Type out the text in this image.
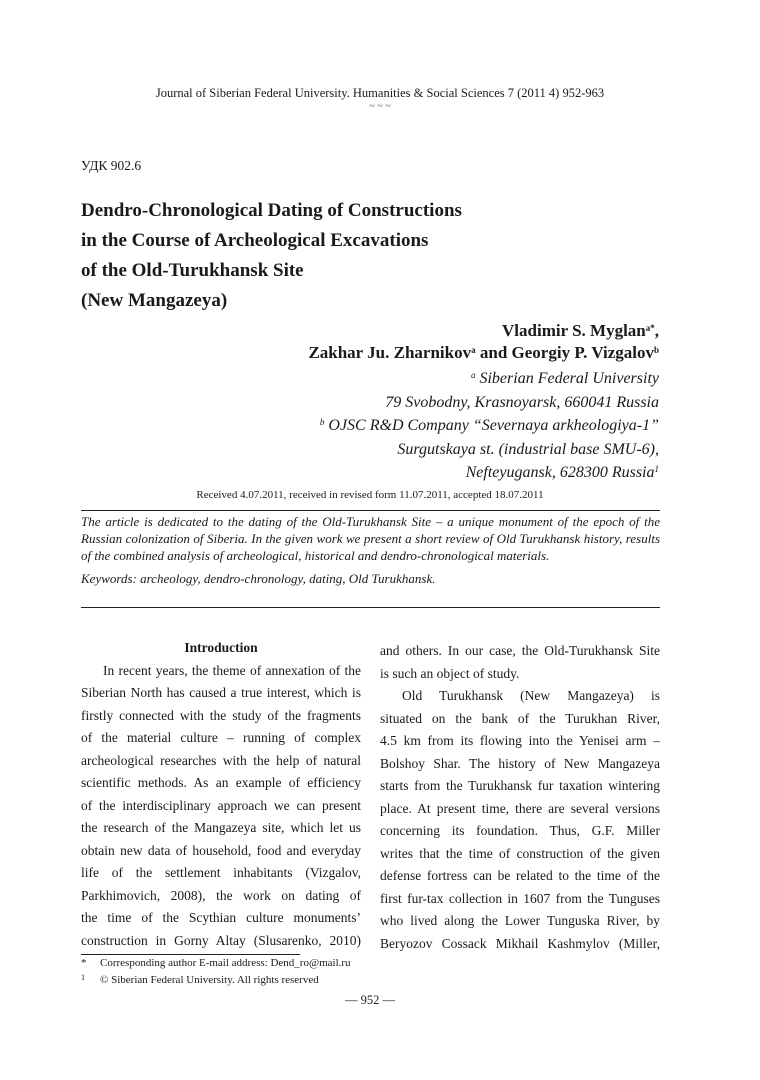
Journal of Siberian Federal University. Humanities & Social Sciences 7 (2011 4) 952-963
~ ~ ~
УДК 902.6
Dendro-Chronological Dating of Constructions
in the Course of Archeological Excavations
of the Old-Turukhansk Site
(New Mangazeya)
Vladimir S. Myglan$^{a*}$,
Zakhar Ju. Zharnikov$^a$ and Georgiy P. Vizgalov$^b$
$^a$ Siberian Federal University
79 Svobodny, Krasnoyarsk, 660041 Russia
$^b$ OJSC R&D Company “Severnaya arkheologiya-1”
Surgutskaya st. (industrial base SMU-6),
Nefteyugansk, 628300 Russia$^1$
Received 4.07.2011, received in revised form 11.07.2011, accepted 18.07.2011
The article is dedicated to the dating of the Old-Turukhansk Site – a unique monument of the epoch of the Russian colonization of Siberia. In the given work we present a short review of Old Turukhansk history, results of the combined analysis of archeological, historical and dendro-chronological materials.
Keywords: archeology, dendro-chronology, dating, Old Turukhansk.
Introduction
In recent years, the theme of annexation of the
Siberian North has caused a true interest, which is
firstly connected with the study of the fragments
of the material culture – running of complex
archeological researches with the help of natural
scientific methods. As an example of efficiency
of the interdisciplinary approach we can present
the research of the Mangazeya site, which let us
obtain new data of household, food and everyday
life of the settlement inhabitants (Vizgalov,
Parkhimovich, 2008), the work on dating of
the time of the Scythian culture monuments’
construction in Gorny Altay (Slusarenko, 2010)
and others. In our case, the Old-Turukhansk Site
is such an object of study.
Old Turukhansk (New Mangazeya) is
situated on the bank of the Turukhan River,
4.5 km from its flowing into the Yenisei arm –
Bolshoy Shar. The history of New Mangazeya
starts from the Turukhansk fur taxation wintering
place. At present time, there are several versions
concerning its foundation. Thus, G.F. Miller
writes that the time of construction of the given
defense fortress can be related to the time of the
first fur-tax collection in 1607 from the Tunguses
who lived along the Lower Tunguska River, by
Beryozov Cossack Mikhail Kashmylov (Miller,
* Corresponding author E-mail address: Dend_ro@mail.ru
1 © Siberian Federal University. All rights reserved
— 952 —
